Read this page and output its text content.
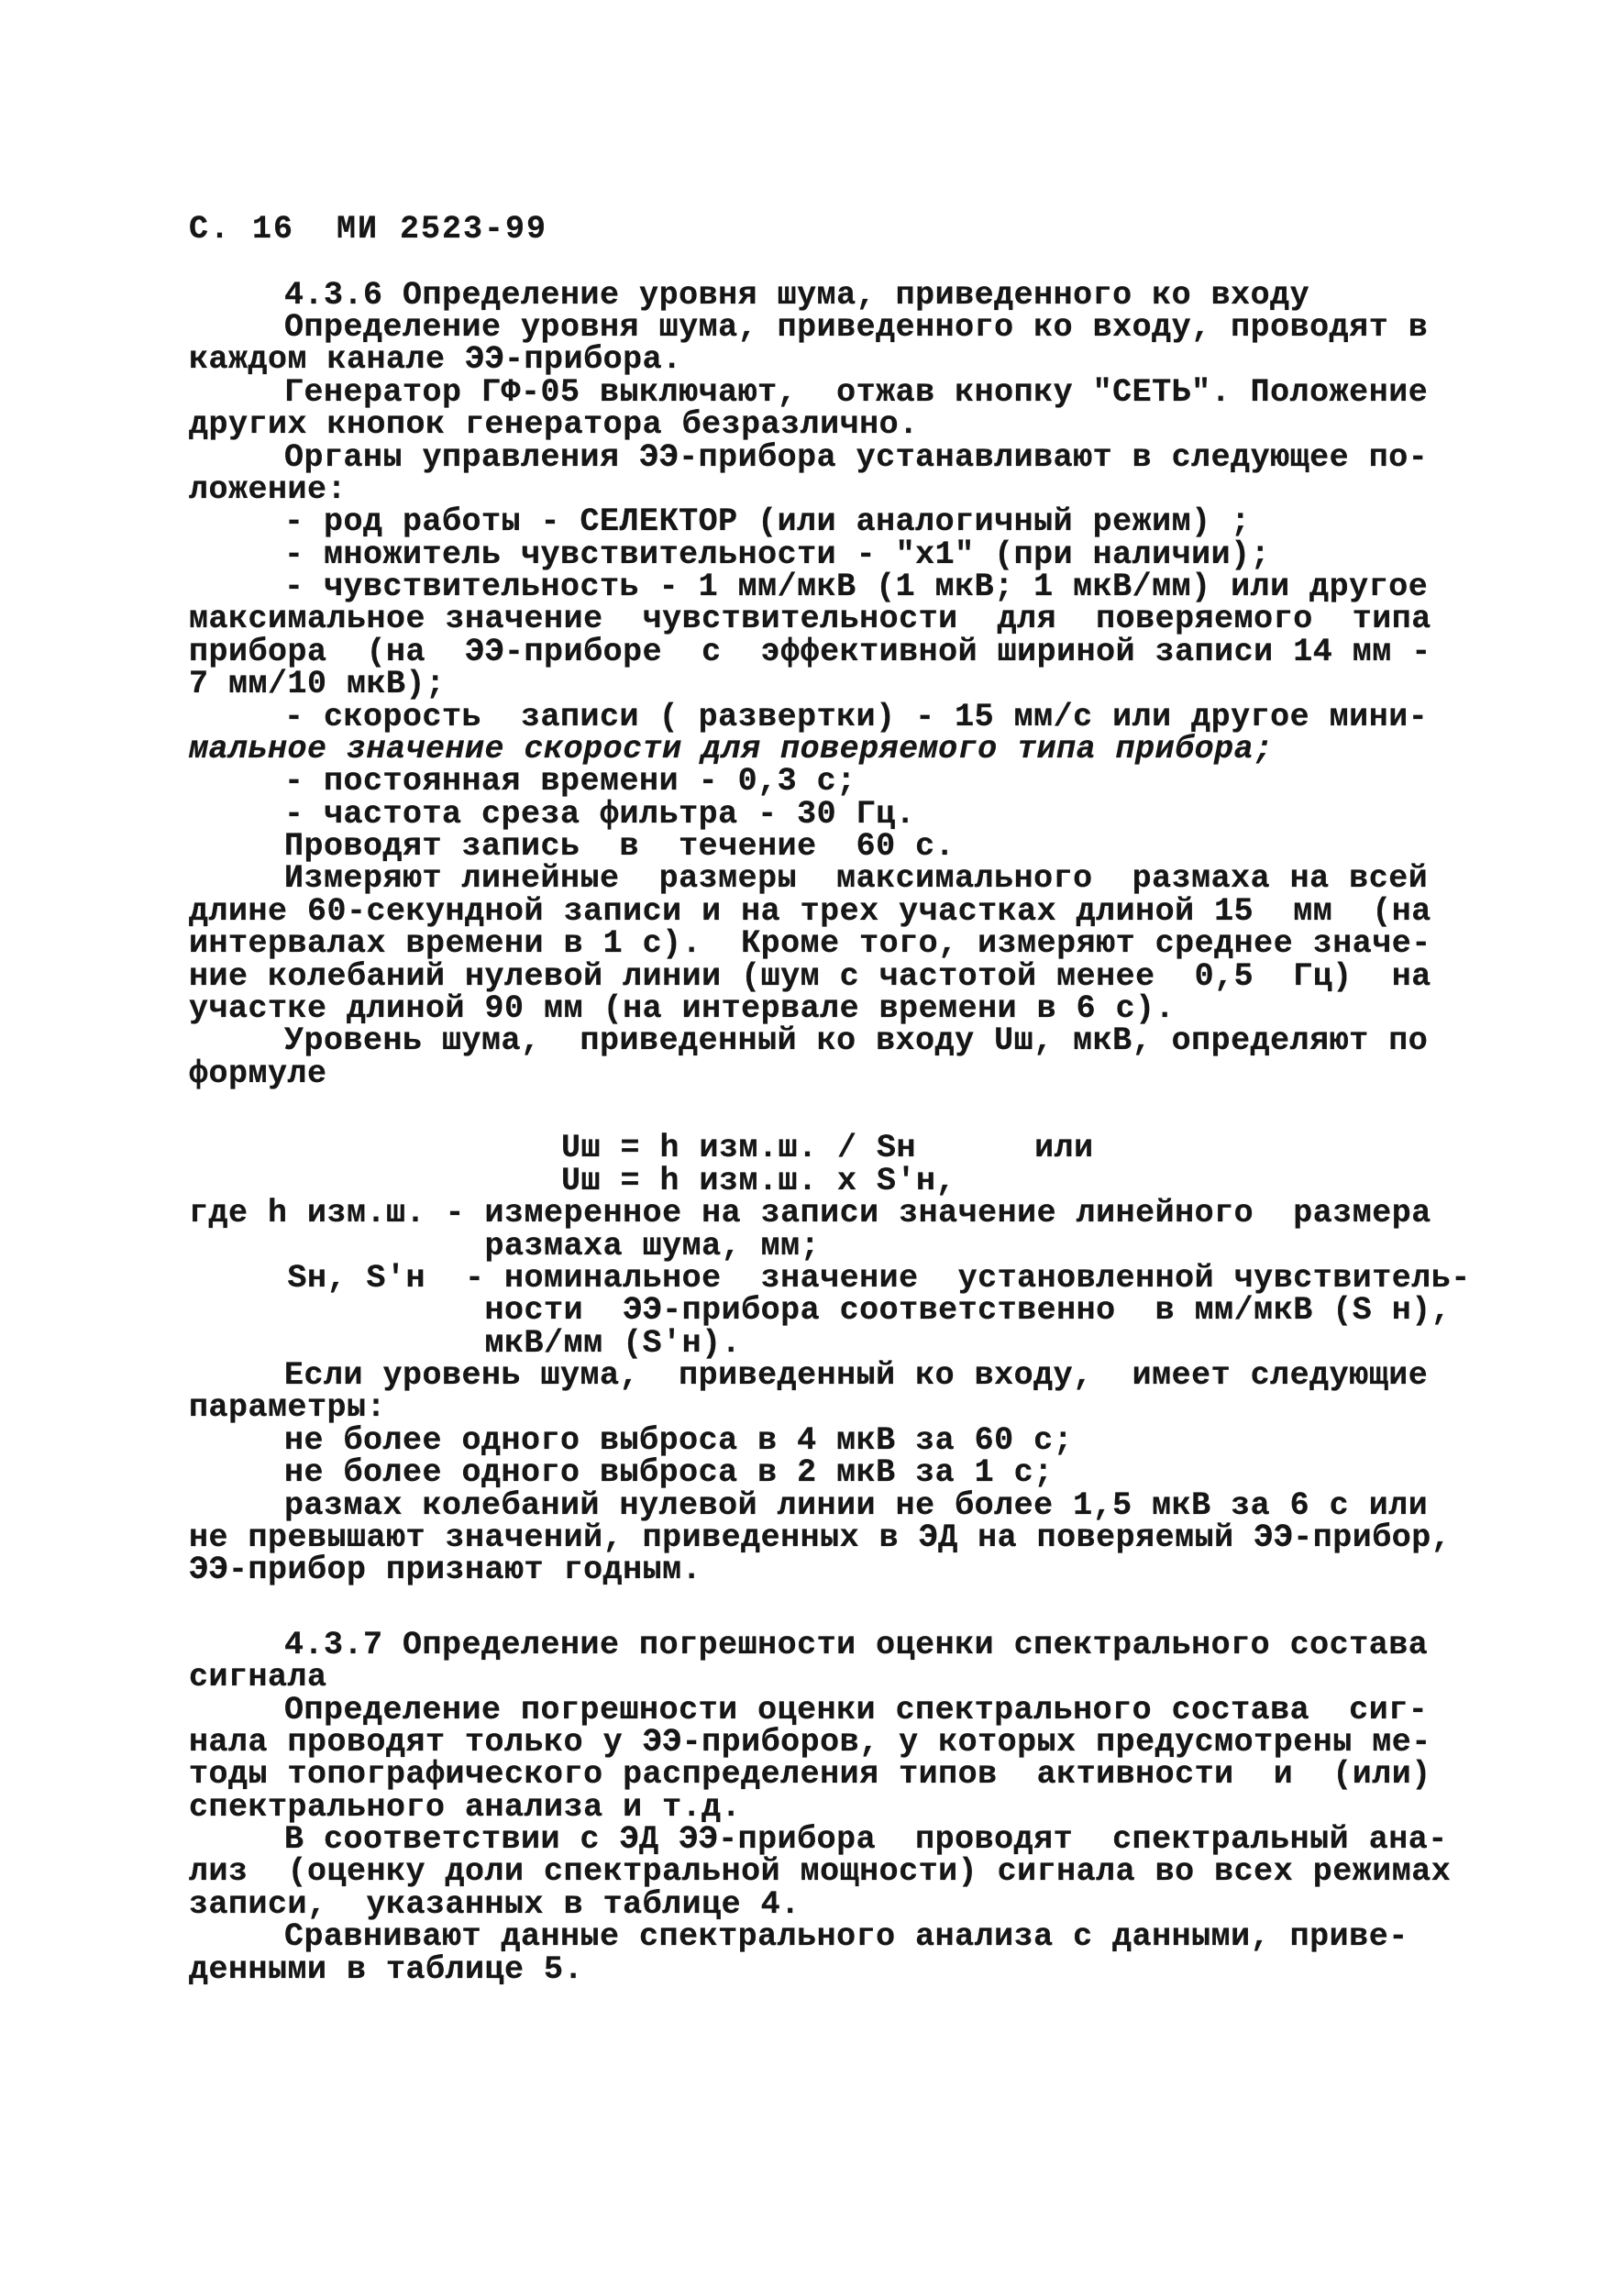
С. 16  МИ 2523-99
4.3.6 Определение уровня шума, приведенного ко входу
Определение уровня шума, приведенного ко входу, проводят в
каждом канале ЭЭ-прибора.
Генератор ГФ-05 выключают,  отжав кнопку "СЕТЬ". Положение
других кнопок генератора безразлично.
Органы управления ЭЭ-прибора устанавливают в следующее по-
ложение:
- род работы - СЕЛЕКТОР (или аналогичный режим) ;
- множитель чувствительности - "х1" (при наличии);
- чувствительность - 1 мм/мкВ (1 мкВ; 1 мкВ/мм) или другое
максимальное значение  чувствительности  для  поверяемого  типа
прибора  (на  ЭЭ-приборе  с  эффективной шириной записи 14 мм -
7 мм/10 мкВ);
- скорость  записи ( развертки) - 15 мм/с или другое мини-
мальное значение скорости для поверяемого типа прибора;
- постоянная времени - 0,3 с;
- частота среза фильтра - 30 Гц.
Проводят запись  в  течение  60 с.
Измеряют линейные  размеры  максимального  размаха на всей
длине 60-секундной записи и на трех участках длиной 15  мм  (на
интервалах времени в 1 с).  Кроме того, измеряют среднее значе-
ние колебаний нулевой линии (шум с частотой менее  0,5  Гц)  на
участке длиной 90 мм (на интервале времени в 6 с).
Уровень шума,  приведенный ко входу Uш, мкВ, определяют по
формуле
Uш = h изм.ш. / Sн      или
Uш = h изм.ш. х S'н,
где h изм.ш. - измеренное на записи значение линейного  размера
размаха шума, мм;
Sн, S'н  - номинальное  значение  установленной чувствитель-
ности  ЭЭ-прибора соответственно  в мм/мкВ (S н),
мкВ/мм (S'н).
Если уровень шума,  приведенный ко входу,  имеет следующие
параметры:
не более одного выброса в 4 мкВ за 60 с;
не более одного выброса в 2 мкВ за 1 с;
размах колебаний нулевой линии не более 1,5 мкВ за 6 с или
не превышают значений, приведенных в ЭД на поверяемый ЭЭ-прибор,
ЭЭ-прибор признают годным.
4.3.7 Определение погрешности оценки спектрального состава
сигнала
Определение погрешности оценки спектрального состава  сиг-
нала проводят только у ЭЭ-приборов, у которых предусмотрены ме-
тоды топографического распределения типов  активности  и  (или)
спектрального анализа и т.д.
В соответствии с ЭД ЭЭ-прибора  проводят  спектральный ана-
лиз  (оценку доли спектральной мощности) сигнала во всех режимах
записи,  указанных в таблице 4.
Сравнивают данные спектрального анализа с данными, приве-
денными в таблице 5.
